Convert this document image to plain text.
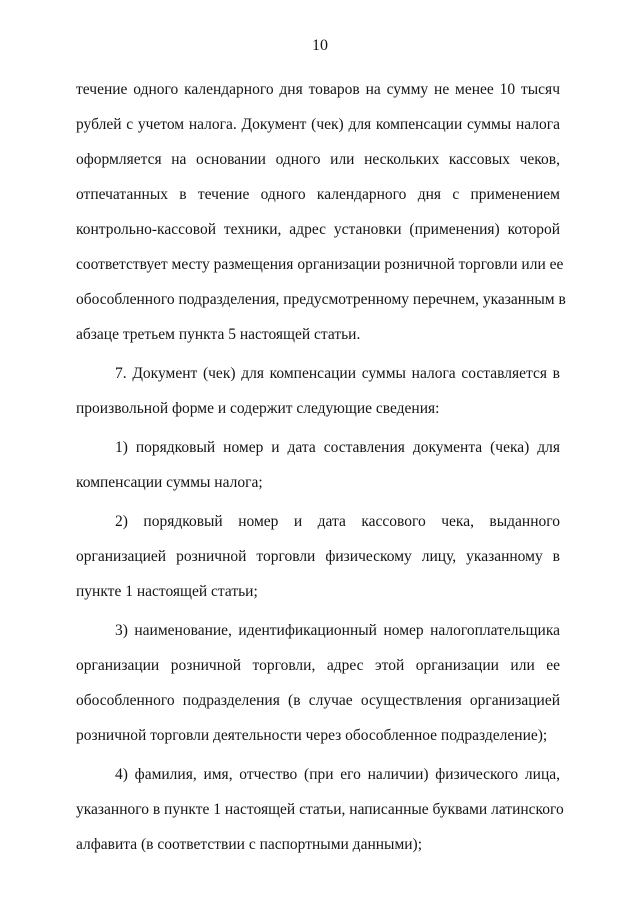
10
течение одного календарного дня товаров на сумму не менее 10 тысяч
рублей с учетом налога. Документ (чек) для компенсации суммы налога
оформляется на основании одного или нескольких кассовых чеков,
отпечатанных в течение одного календарного дня с применением
контрольно-кассовой техники, адрес установки (применения) которой
соответствует месту размещения организации розничной торговли или ее
обособленного подразделения, предусмотренному перечнем, указанным в
абзаце третьем пункта 5 настоящей статьи.
7. Документ (чек) для компенсации суммы налога составляется в
произвольной форме и содержит следующие сведения:
1) порядковый номер и дата составления документа (чека) для
компенсации суммы налога;
2) порядковый номер и дата кассового чека, выданного
организацией розничной торговли физическому лицу, указанному в
пункте 1 настоящей статьи;
3) наименование, идентификационный номер налогоплательщика
организации розничной торговли, адрес этой организации или ее
обособленного подразделения (в случае осуществления организацией
розничной торговли деятельности через обособленное подразделение);
4) фамилия, имя, отчество (при его наличии) физического лица,
указанного в пункте 1 настоящей статьи, написанные буквами латинского
алфавита (в соответствии с паспортными данными);
